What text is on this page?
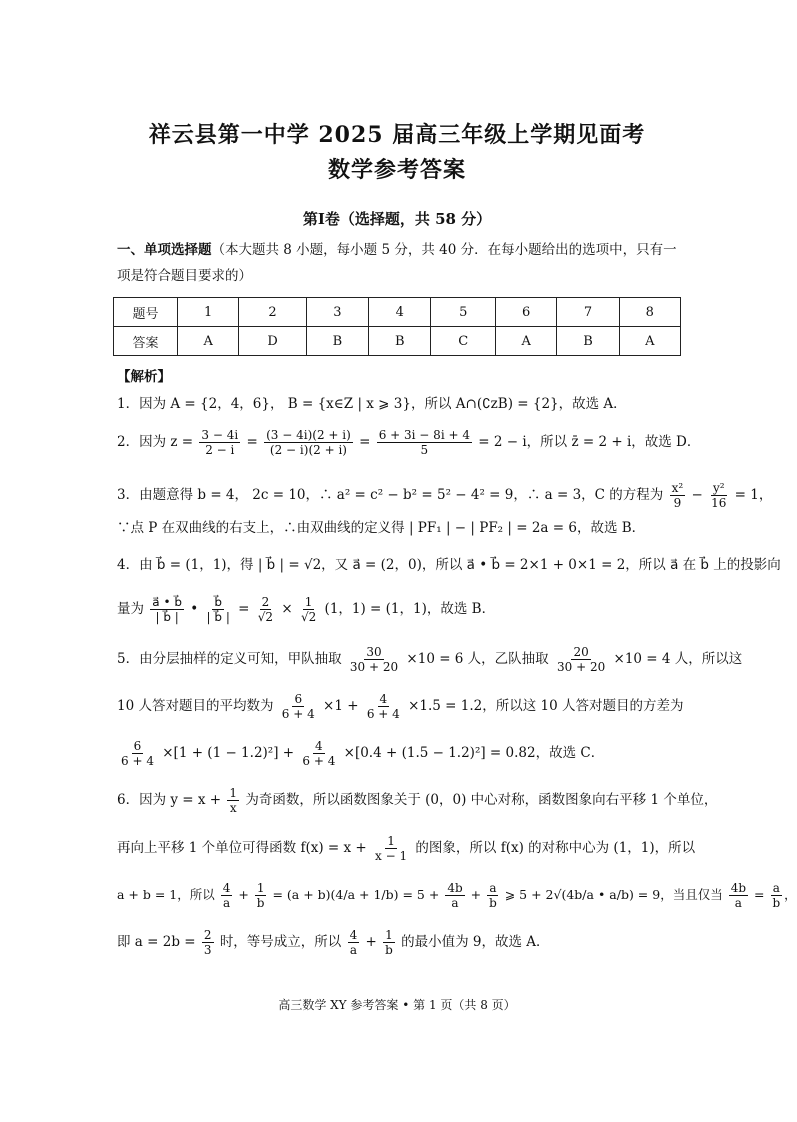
祥云县第一中学 2025 届高三年级上学期见面考
数学参考答案
第Ⅰ卷（选择题，共 58 分）
一、单项选择题（本大题共 8 小题，每小题 5 分，共 40 分．在每小题给出的选项中，只有一
项是符合题目要求的）
题号	1	2	3	4	5	6	7	8
答案	A	D	B	B	C	A	B	A
【解析】
1．因为 A = {2，4，6}， B = {x∈Z | x ⩾ 3}，所以 A∩(∁zB) = {2}，故选 A．
2．因为 $z = \frac{3 - 4i}{2 - i} = \frac{(3 - 4i)(2 + i)}{(2 - i)(2 + i)} = \frac{6 + 3i - 8i + 4}{5} = 2 - i$，所以 z̄ = 2 + i，故选 D．
3．由题意得 b = 4， 2c = 10，∴ a² = c² − b² = 5² − 4² = 9，∴ a = 3，C 的方程为 $\frac{\text{x²}}{9} - \frac{\text{y²}}{16} = 1$，
∵点 P 在双曲线的右支上，∴由双曲线的定义得 | PF₁ | − | PF₂ | = 2a = 6，故选 B．
4．由 b⃗ = (1，1)，得 | b⃗ | = √2，又 a⃗ = (2，0)，所以 a⃗ • b⃗ = 2×1 + 0×1 = 2，所以 a⃗ 在 b⃗ 上的投影向
量为 $\frac{a⃗ • b⃗}{| b⃗ |}$ • $\frac{b⃗}{| b⃗ |} = \frac{2}{√2} \times \frac{1}{√2} (1$，1) = (1，1)，故选 B．
5．由分层抽样的定义可知，甲队抽取 $\frac{30}{30 + 20} \times 10 = 6$ 人，乙队抽取 $\frac{20}{30 + 20} \times 10 = 4$ 人，所以这
10 人答对题目的平均数为 $\frac{6}{6 + 4} \times 1 + \frac{4}{6 + 4} \times 1.5 = 1.2$，所以这 10 人答对题目的方差为
$\frac{6}{6 + 4} \times[1 + (1 - 1.2)^2] + \frac{4}{6 + 4} \times[0.4 + (1.5 - 1.2)^2] = 0.82$，故选 C．
6．因为 $y = x + \frac{1}{x}$ 为奇函数，所以函数图象关于 (0，0) 中心对称，函数图象向右平移 1 个单位，
再向上平移 1 个单位可得函数 $f(x) = x + \frac{1}{x - 1}$ 的图象，所以 f(x) 的对称中心为 (1，1)，所以
a + b = 1，所以 $\frac{4}{a} + \frac{1}{b} = (a + b)(4/a + 1/b) = 5 + \frac{4b}{a} + \frac{a}{b}$ ⩾ 5 + 2√(4b/a • a/b) = 9，当且仅当 $\frac{4b}{a} = \frac{a}{b}$ ，
即 $a = 2b = \frac{2}{3}$ 时，等号成立，所以 $\frac{4}{a} + \frac{1}{b}$ 的最小值为 9，故选 A．
高三数学 XY 参考答案 • 第 1 页（共 8 页）
